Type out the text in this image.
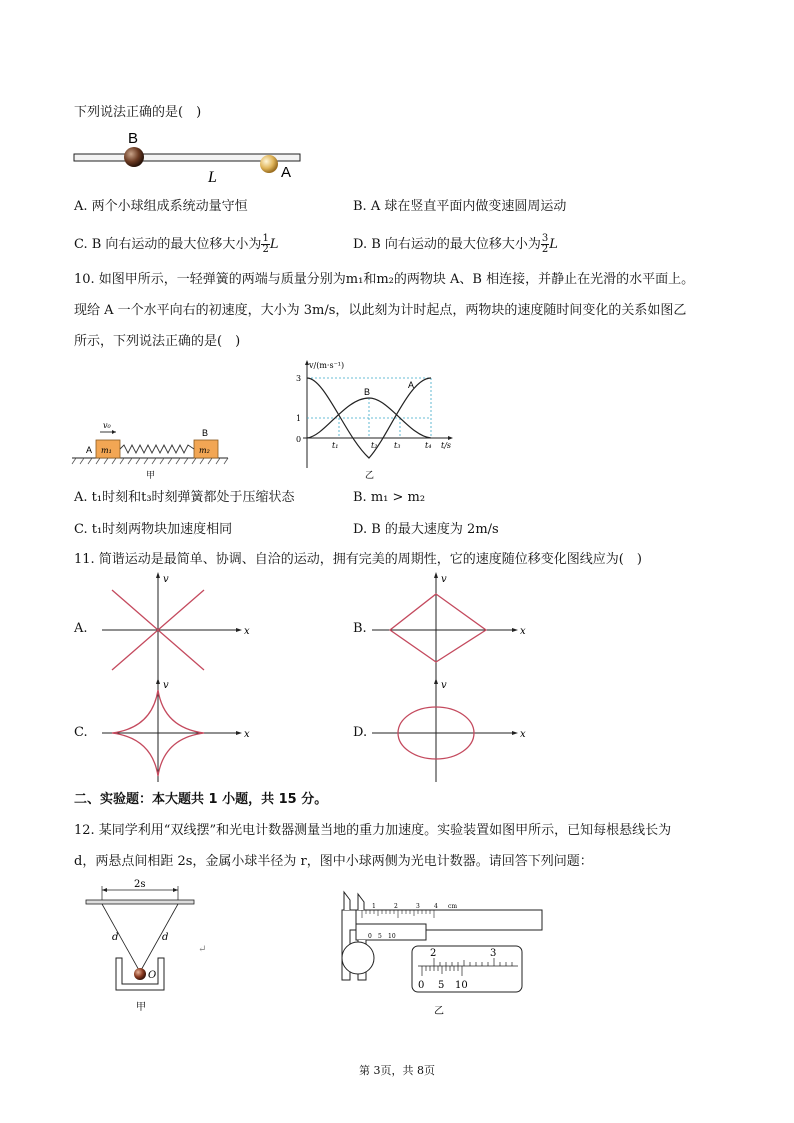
下列说法正确的是(　)
B
A
L
A. 两个小球组成系统动量守恒	B. A 球在竖直平面内做变速圆周运动
C. B 向右运动的最大位移大小为 $\frac{1}{2}$ L	D. B 向右运动的最大位移大小为 $\frac{3}{2}$ L
10. 如图甲所示，一轻弹簧的两端与质量分别为m₁和m₂的两物块 A、B 相连接，并静止在光滑的水平面上。
现给 A 一个水平向右的初速度，大小为 3m/s，以此刻为计时起点，两物块的速度随时间变化的关系如图乙
所示，下列说法正确的是(　)
v₀
A
B
m₁	m₂
甲
v/(m·s⁻¹)
t/s
3
1
0
t₁	t₂ t₃	t₄
A
B
乙
A. t₁时刻和t₃时刻弹簧都处于压缩状态	B. m₁ > m₂
C. t₁时刻两物块加速度相同	D. B 的最大速度为 2m/s
11. 简谐运动是最简单、协调、自洽的运动，拥有完美的周期性，它的速度随位移变化图线应为(　)
A.
v
x	B.
v
x
C.
v
x	D.
v
x
二、实验题：本大题共 1 小题，共 15 分。
12. 某同学利用“双线摆”和光电计数器测量当地的重力加速度。实验装置如图甲所示，已知每根悬线长为
d，两悬点间相距 2s，金属小球半径为 r，图中小球两侧为光电计数器。请回答下列问题：
2s
d	d
O
↵
甲
1	2	3 4 cm
0 5 10
2	3
0 5 10
乙
第 3页，共 8页
